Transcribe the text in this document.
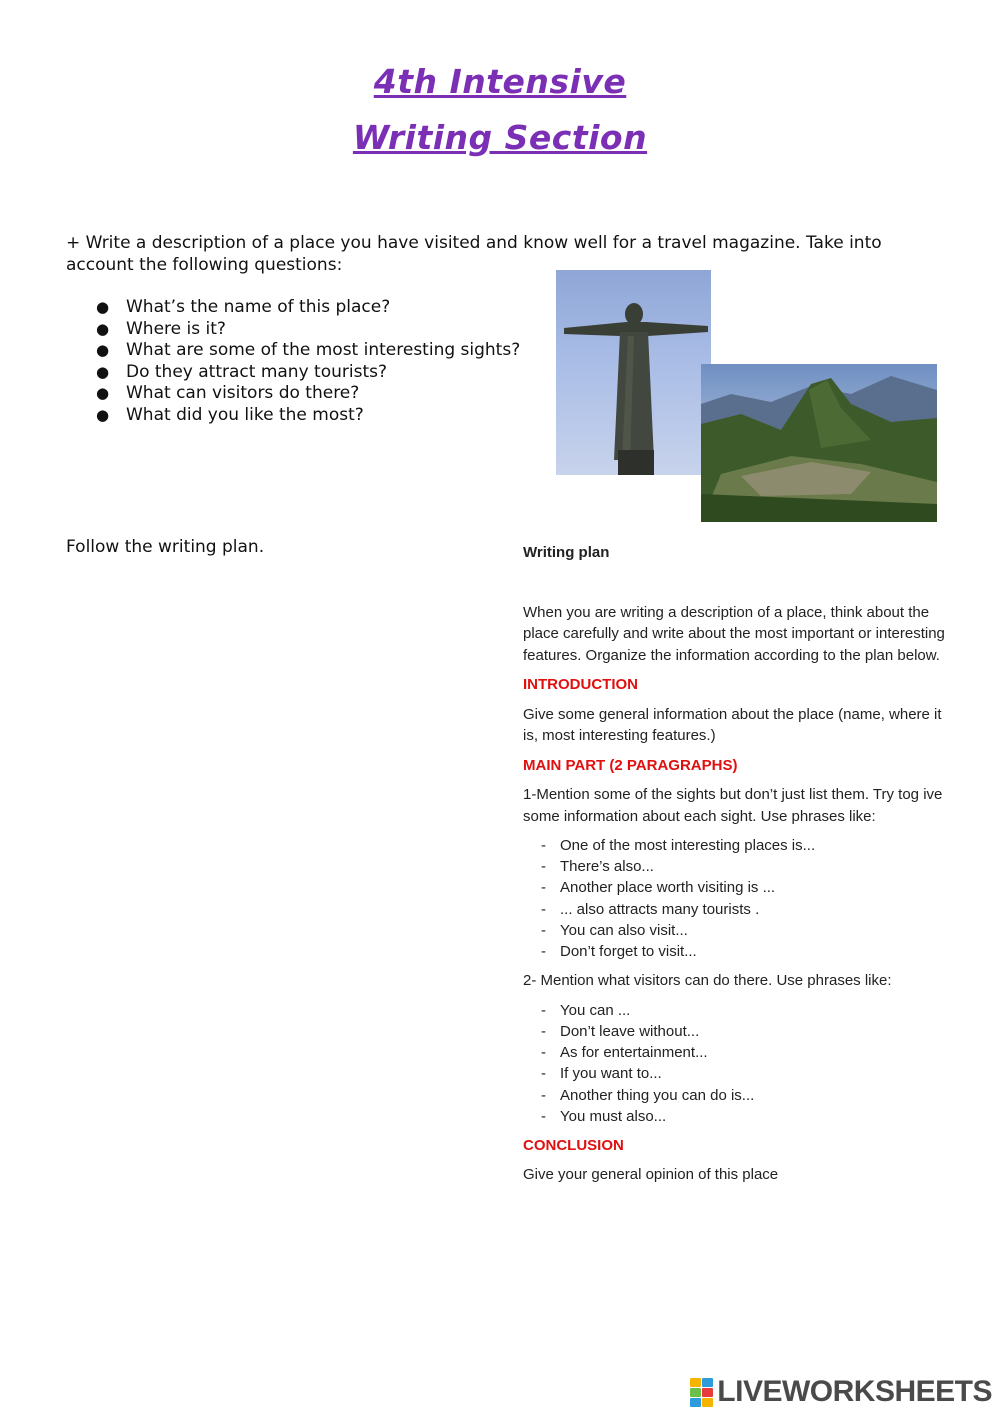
4th Intensive
Writing Section
+ Write a description of a place you have visited and know well for a travel magazine. Take into account the following questions:
● What’s the name of this place?
● Where is it?
● What are some of the most interesting sights?
● Do they attract many tourists?
● What can visitors do there?
● What did you like the most?
Follow the writing plan.	Writing plan

When you are writing a description of a place, think about the place carefully and write about the most important or interesting features. Organize the information according to the plan below.

INTRODUCTION

Give some general information about the place (name, where it is, most interesting features.)

MAIN PART (2 PARAGRAPHS)

1-Mention some of the sights but don’t just list them. Try tog ive some information about each sight. Use phrases like:

- One of the most interesting places is...
- There’s also...
- Another place worth visiting is ...
- ... also attracts many tourists .
- You can also visit...
- Don’t forget to visit...

2- Mention what visitors can do there. Use phrases like:

- You can ...
- Don’t leave without...
- As for entertainment...
- If you want to...
- Another thing you can do is...
- You must also...

CONCLUSION

Give your general opinion of this place

LIVEWORKSHEETS
